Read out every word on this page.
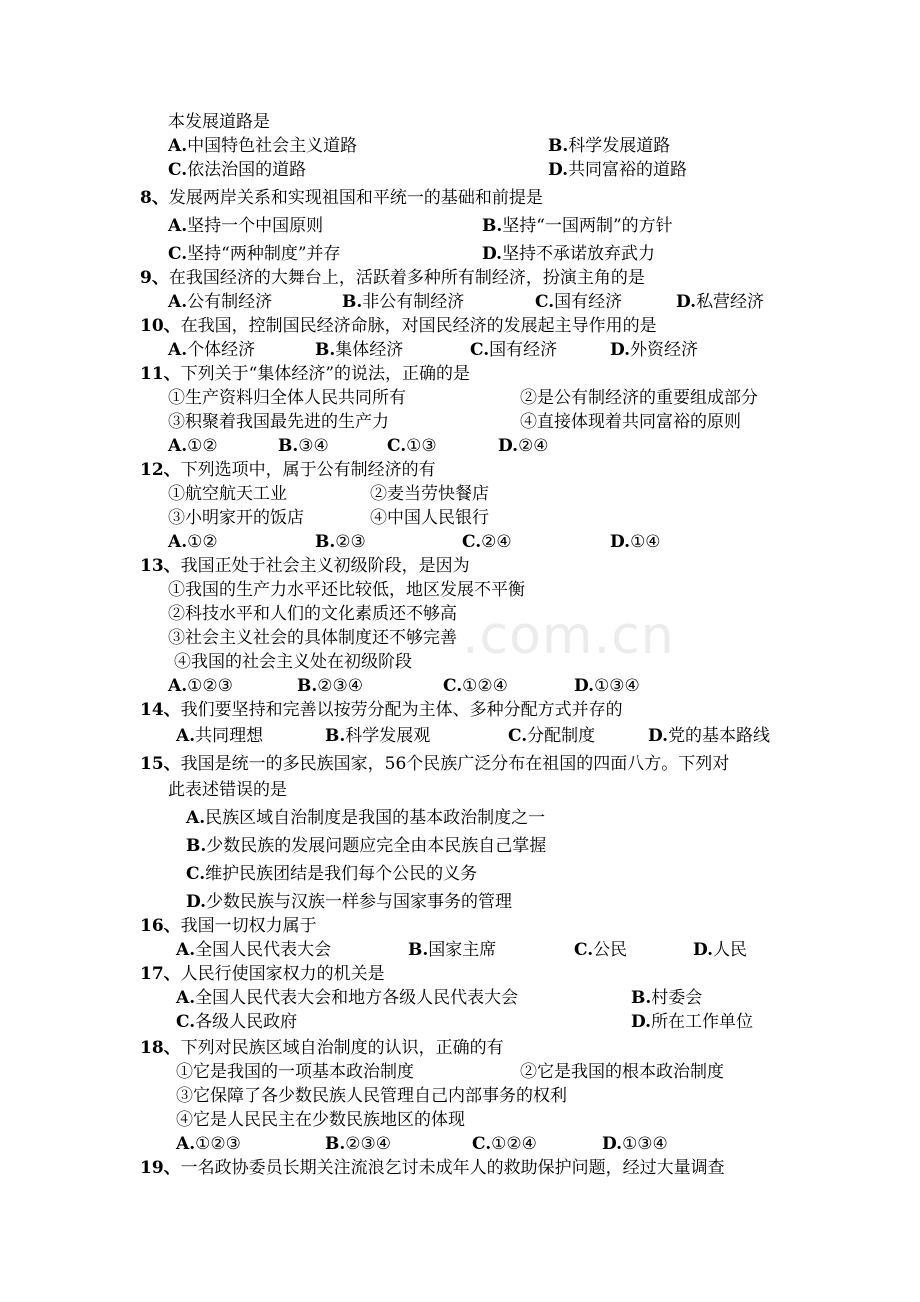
.com.cn
本发展道路是
A.中国特色社会主义道路	B.科学发展道路
C.依法治国的道路	D.共同富裕的道路
8、发展两岸关系和实现祖国和平统一的基础和前提是
A.坚持一个中国原则	B.坚持“一国两制”的方针
C.坚持“两种制度”并存	D.坚持不承诺放弃武力
9、在我国经济的大舞台上，活跃着多种所有制经济，扮演主角的是
A.公有制经济	B.非公有制经济	C.国有经济	D.私营经济
10、在我国，控制国民经济命脉，对国民经济的发展起主导作用的是
A.个体经济	B.集体经济	C.国有经济	D.外资经济
11、下列关于“集体经济”的说法，正确的是
①生产资料归全体人民共同所有	②是公有制经济的重要组成部分
③积聚着我国最先进的生产力	④直接体现着共同富裕的原则
A.①②	B.③④	C.①③	D.②④
12、下列选项中，属于公有制经济的有
①航空航天工业	②麦当劳快餐店
③小明家开的饭店	④中国人民银行
A.①②	B.②③	C.②④	D.①④
13、我国正处于社会主义初级阶段，是因为
①我国的生产力水平还比较低，地区发展不平衡
②科技水平和人们的文化素质还不够高
③社会主义社会的具体制度还不够完善
④我国的社会主义处在初级阶段
A.①②③	B.②③④	C.①②④	D.①③④
14、我们要坚持和完善以按劳分配为主体、多种分配方式并存的
A.共同理想	B.科学发展观	C.分配制度	D.党的基本路线
15、我国是统一的多民族国家，56个民族广泛分布在祖国的四面八方。下列对
此表述错误的是
A.民族区域自治制度是我国的基本政治制度之一
B.少数民族的发展问题应完全由本民族自己掌握
C.维护民族团结是我们每个公民的义务
D.少数民族与汉族一样参与国家事务的管理
16、我国一切权力属于
A.全国人民代表大会	B.国家主席	C.公民	D.人民
17、人民行使国家权力的机关是
A.全国人民代表大会和地方各级人民代表大会	B.村委会
C.各级人民政府	D.所在工作单位
18、下列对民族区域自治制度的认识，正确的有
①它是我国的一项基本政治制度	②它是我国的根本政治制度
③它保障了各少数民族人民管理自己内部事务的权利
④它是人民民主在少数民族地区的体现
A.①②③	B.②③④	C.①②④	D.①③④
19、一名政协委员长期关注流浪乞讨未成年人的救助保护问题，经过大量调查
